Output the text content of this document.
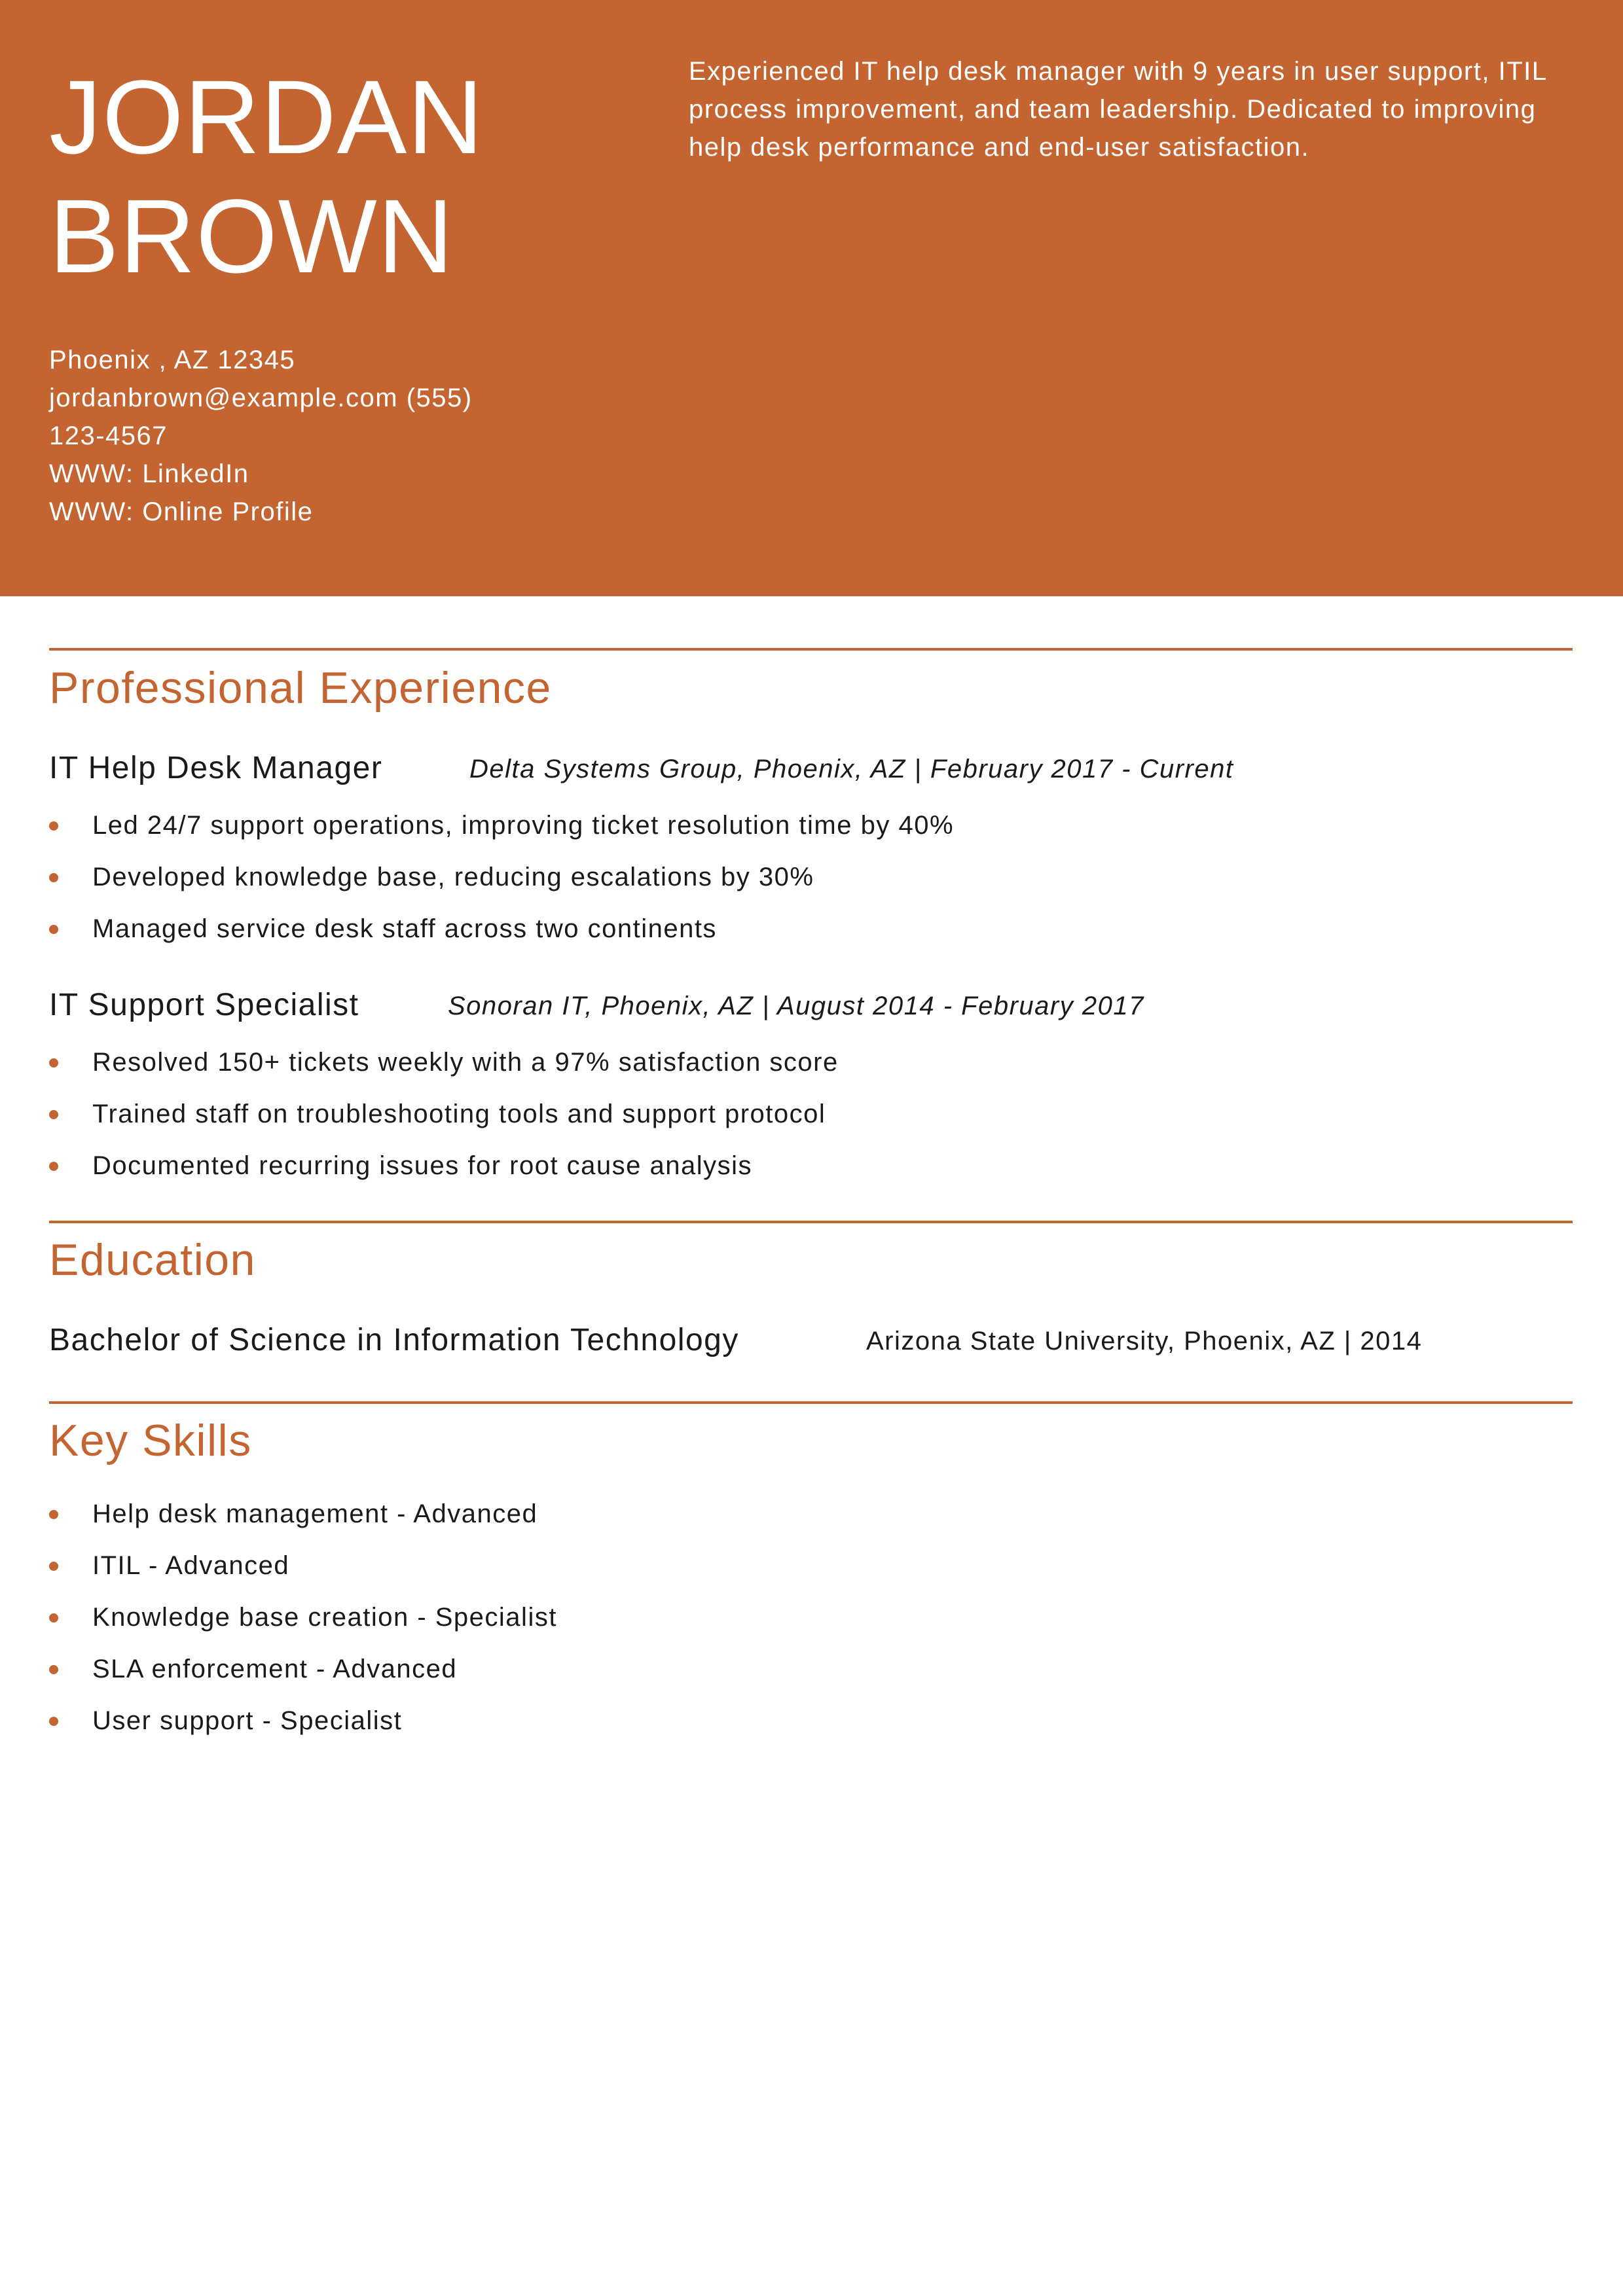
JORDAN
BROWN
Experienced IT help desk manager with 9 years in user support, ITIL process improvement, and team leadership. Dedicated to improving help desk performance and end-user satisfaction.
Phoenix , AZ 12345
jordanbrown@example.com (555)
123-4567
WWW: LinkedIn
WWW: Online Profile
Professional Experience
IT Help Desk Manager	Delta Systems Group, Phoenix, AZ | February 2017 - Current
Led 24/7 support operations, improving ticket resolution time by 40%
Developed knowledge base, reducing escalations by 30%
Managed service desk staff across two continents
IT Support Specialist	Sonoran IT, Phoenix, AZ | August 2014 - February 2017
Resolved 150+ tickets weekly with a 97% satisfaction score
Trained staff on troubleshooting tools and support protocol
Documented recurring issues for root cause analysis
Education
Bachelor of Science in Information Technology	Arizona State University, Phoenix, AZ | 2014
Key Skills
Help desk management - Advanced
ITIL - Advanced
Knowledge base creation - Specialist
SLA enforcement - Advanced
User support - Specialist
